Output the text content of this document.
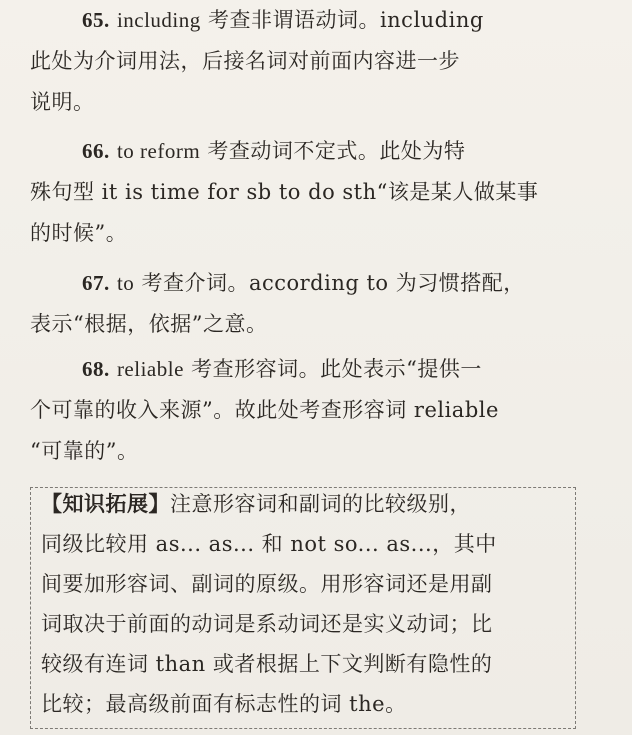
65. including 考查非谓语动词。including
此处为介词用法，后接名词对前面内容进一步
说明。
66. to reform 考查动词不定式。此处为特
殊句型 it is time for sb to do sth“该是某人做某事
的时候”。
67. to 考查介词。according to 为习惯搭配，
表示“根据，依据”之意。
68. reliable 考查形容词。此处表示“提供一
个可靠的收入来源”。故此处考查形容词 reliable
“可靠的”。
【知识拓展】注意形容词和副词的比较级别，
同级比较用 as... as... 和 not so... as...，其中
间要加形容词、副词的原级。用形容词还是用副
词取决于前面的动词是系动词还是实义动词；比
较级有连词 than 或者根据上下文判断有隐性的
比较；最高级前面有标志性的词 the。
